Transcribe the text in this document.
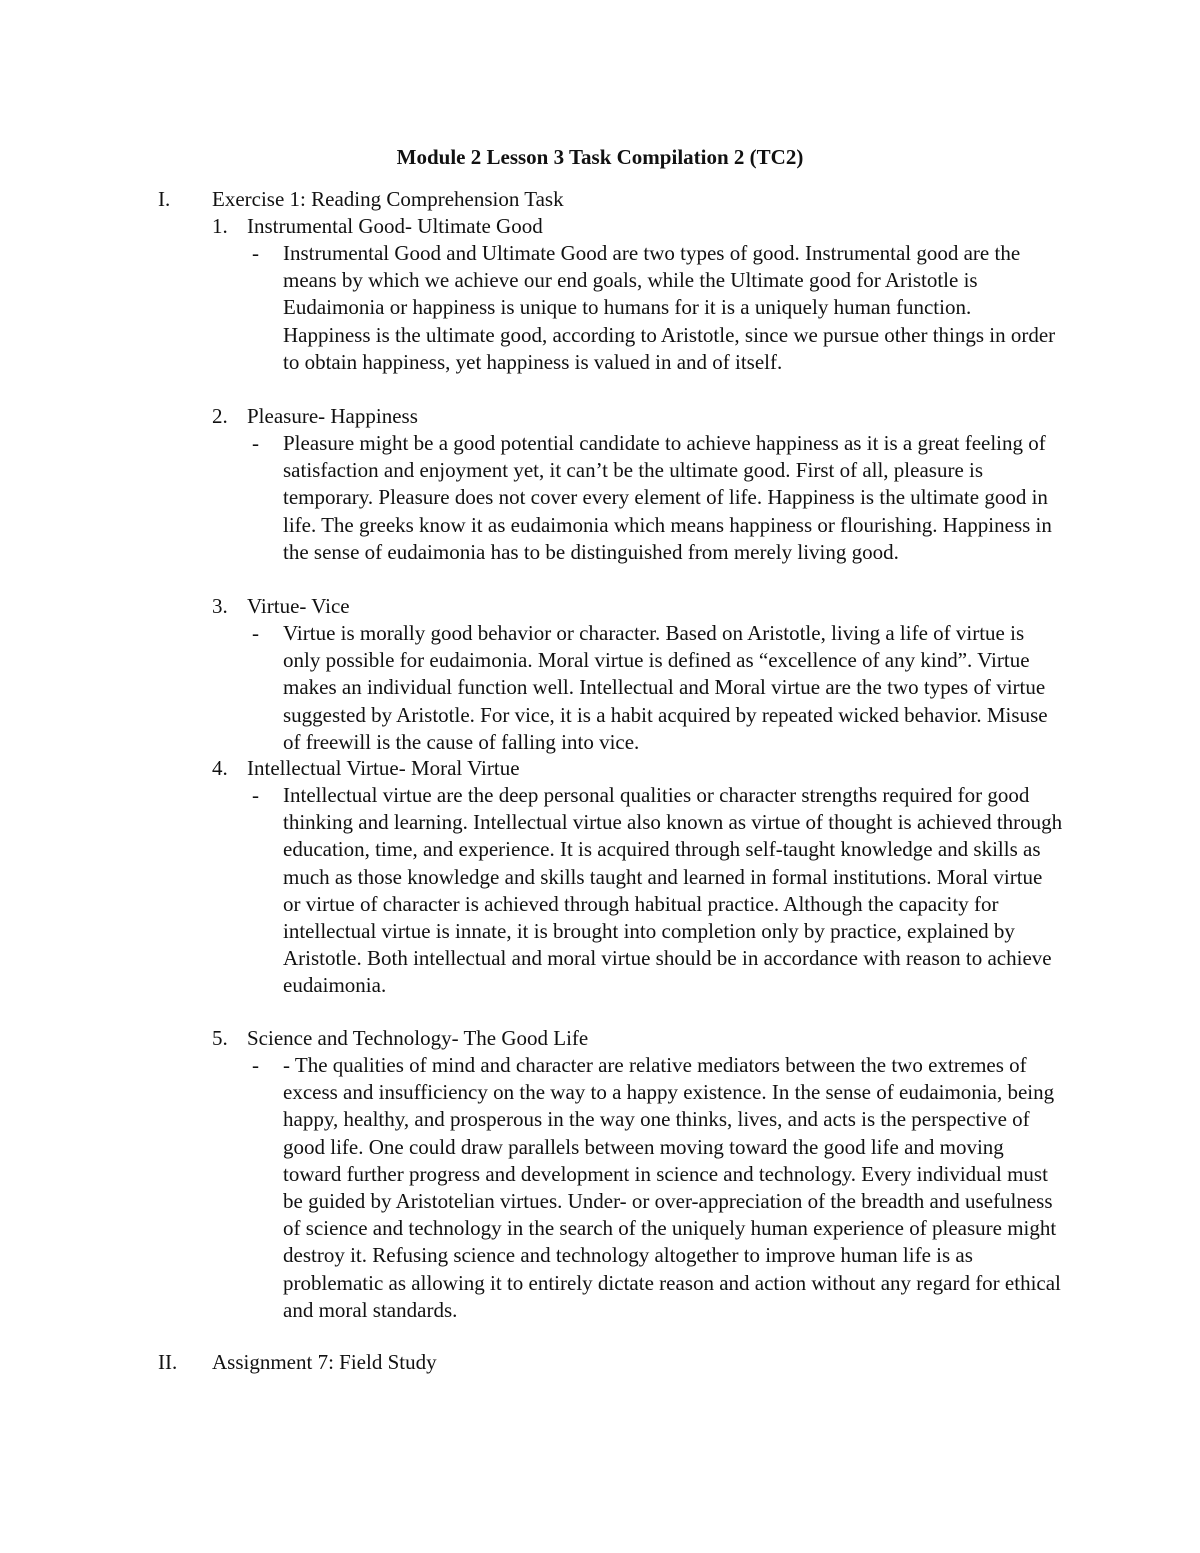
Module 2 Lesson 3 Task Compilation 2 (TC2)
I. Exercise 1: Reading Comprehension Task
1. Instrumental Good- Ultimate Good
- Instrumental Good and Ultimate Good are two types of good. Instrumental good are the means by which we achieve our end goals, while the Ultimate good for Aristotle is Eudaimonia or happiness is unique to humans for it is a uniquely human function. Happiness is the ultimate good, according to Aristotle, since we pursue other things in order to obtain happiness, yet happiness is valued in and of itself.
2. Pleasure- Happiness
- Pleasure might be a good potential candidate to achieve happiness as it is a great feeling of satisfaction and enjoyment yet, it can’t be the ultimate good. First of all, pleasure is temporary. Pleasure does not cover every element of life. Happiness is the ultimate good in life. The greeks know it as eudaimonia which means happiness or flourishing. Happiness in the sense of eudaimonia has to be distinguished from merely living good.
3. Virtue- Vice
- Virtue is morally good behavior or character. Based on Aristotle, living a life of virtue is only possible for eudaimonia. Moral virtue is defined as “excellence of any kind”. Virtue makes an individual function well. Intellectual and Moral virtue are the two types of virtue suggested by Aristotle. For vice, it is a habit acquired by repeated wicked behavior. Misuse of freewill is the cause of falling into vice.
4. Intellectual Virtue- Moral Virtue
- Intellectual virtue are the deep personal qualities or character strengths required for good thinking and learning. Intellectual virtue also known as virtue of thought is achieved through education, time, and experience. It is acquired through self-taught knowledge and skills as much as those knowledge and skills taught and learned in formal institutions. Moral virtue or virtue of character is achieved through habitual practice. Although the capacity for intellectual virtue is innate, it is brought into completion only by practice, explained by Aristotle. Both intellectual and moral virtue should be in accordance with reason to achieve eudaimonia.
5. Science and Technology- The Good Life
- - The qualities of mind and character are relative mediators between the two extremes of excess and insufficiency on the way to a happy existence. In the sense of eudaimonia, being happy, healthy, and prosperous in the way one thinks, lives, and acts is the perspective of good life. One could draw parallels between moving toward the good life and moving toward further progress and development in science and technology. Every individual must be guided by Aristotelian virtues. Under- or over-appreciation of the breadth and usefulness of science and technology in the search of the uniquely human experience of pleasure might destroy it. Refusing science and technology altogether to improve human life is as problematic as allowing it to entirely dictate reason and action without any regard for ethical and moral standards.
II. Assignment 7: Field Study
